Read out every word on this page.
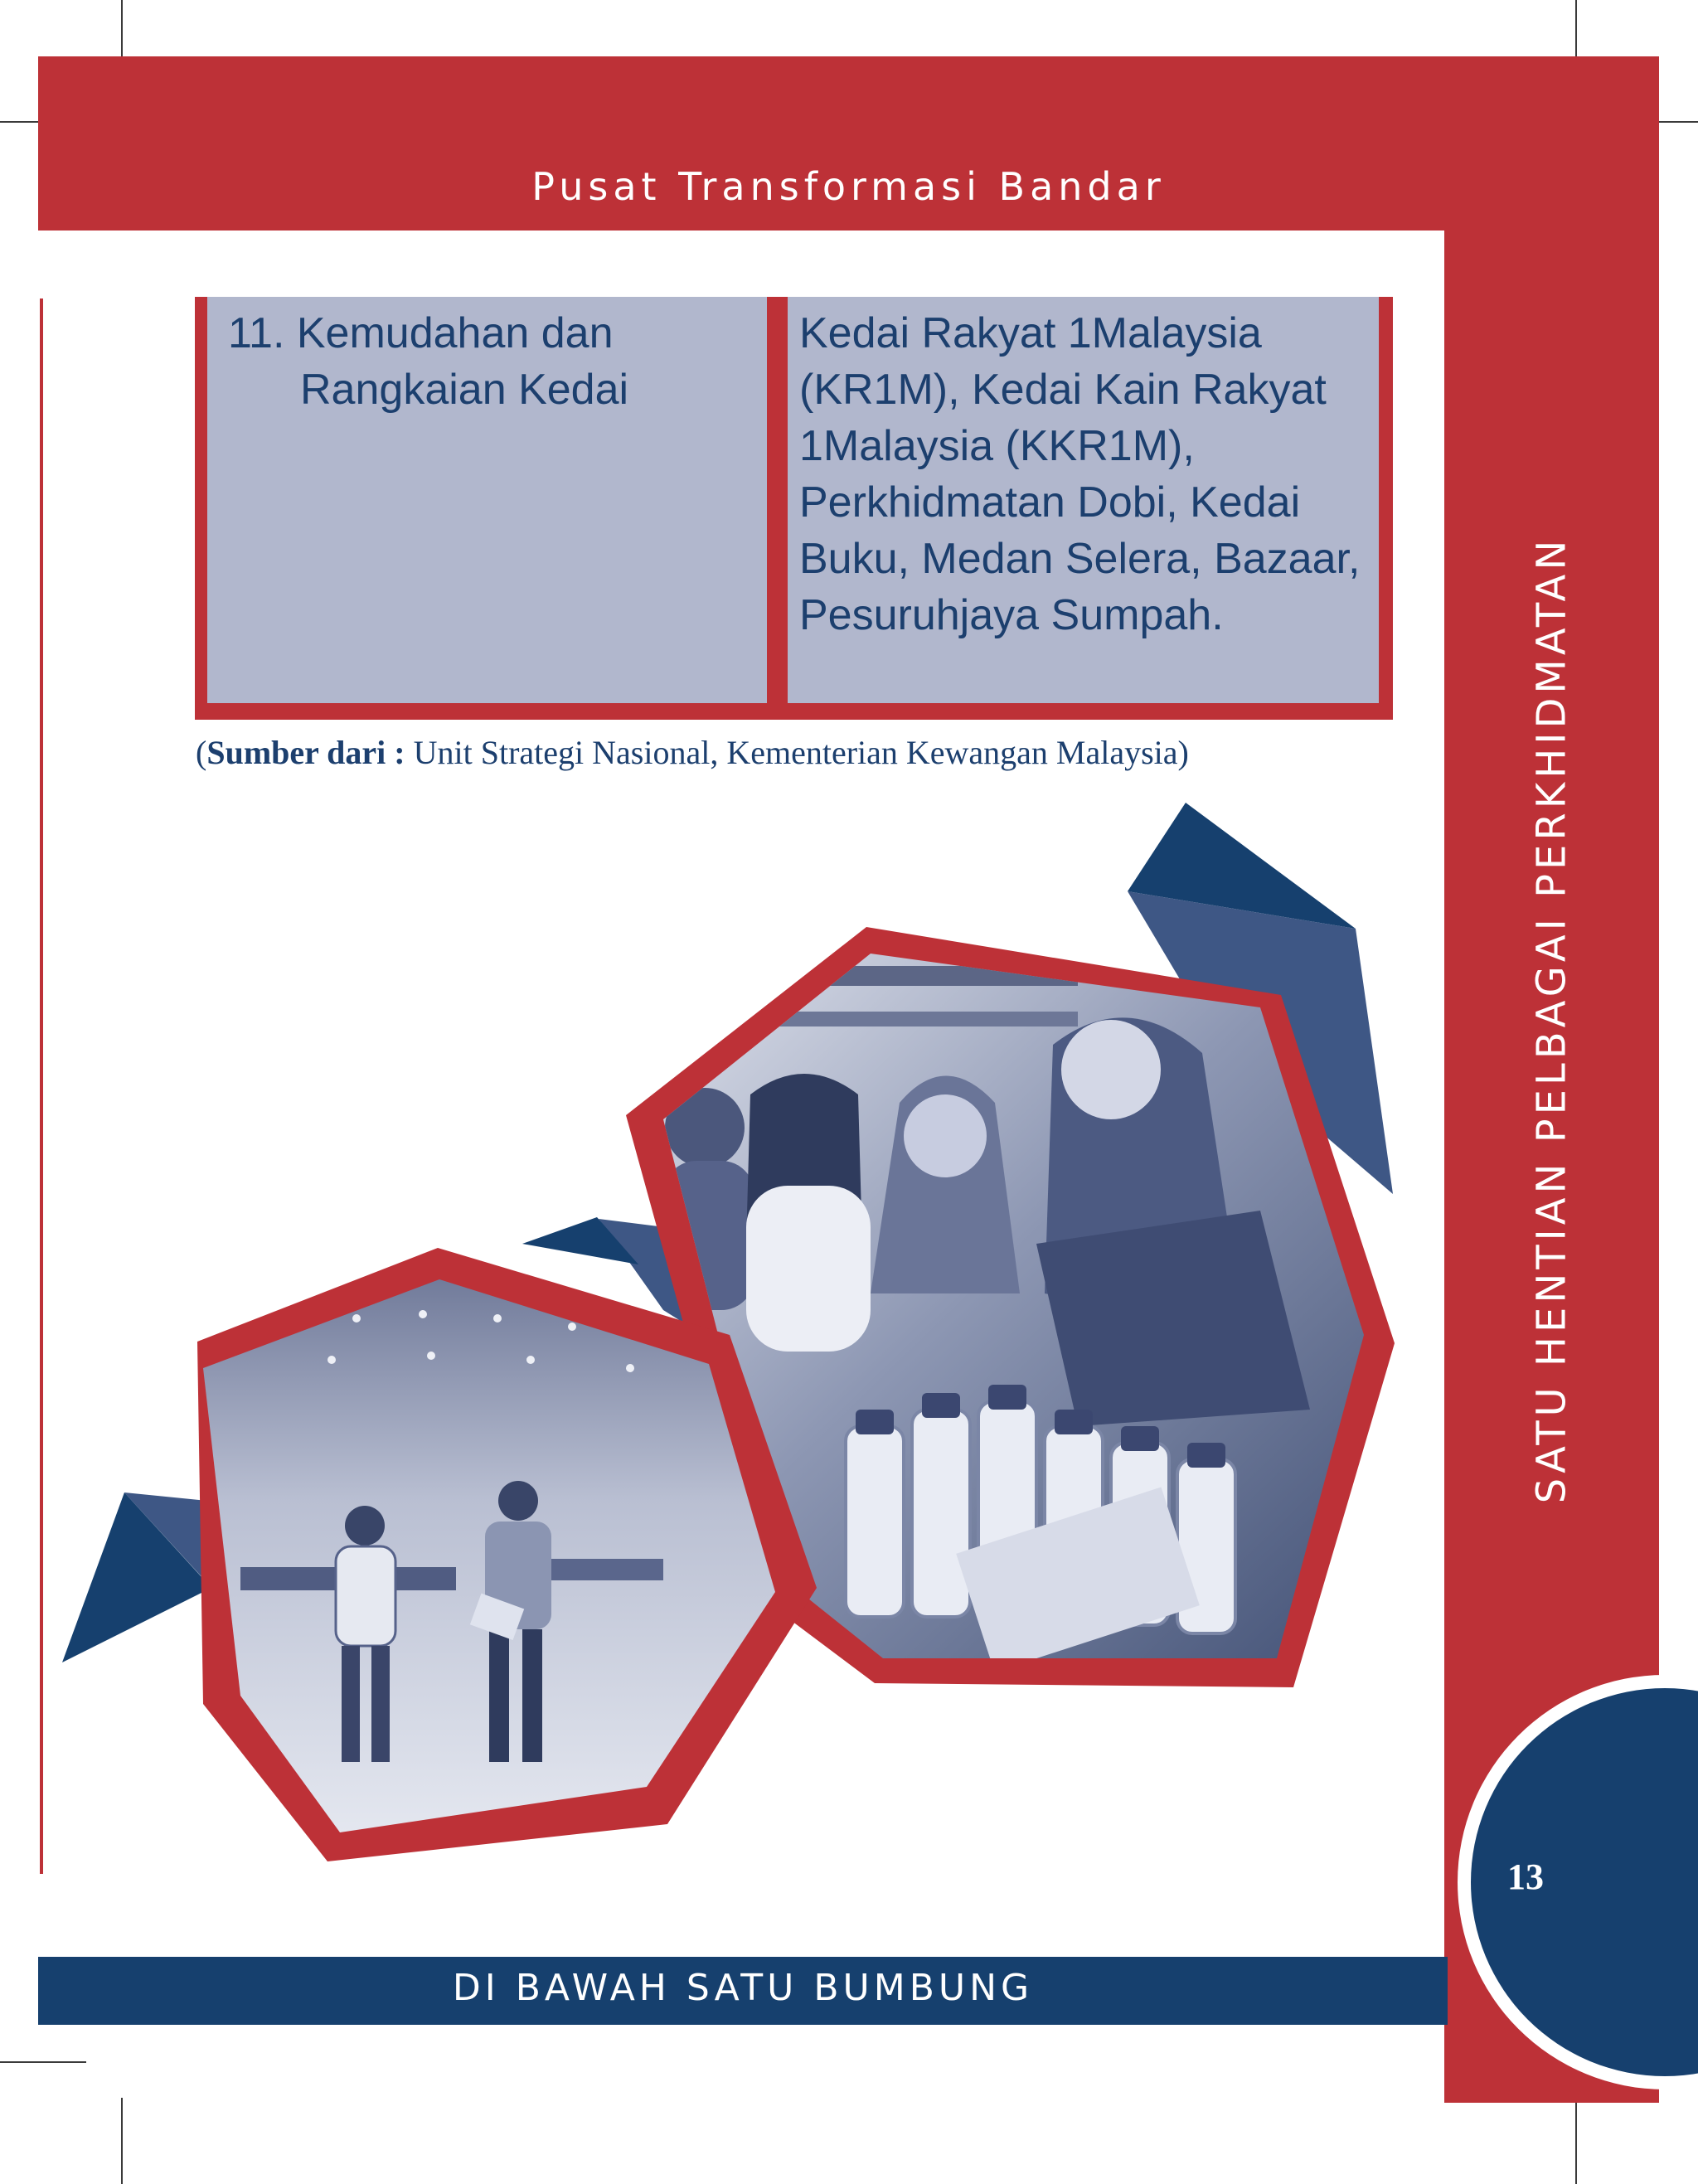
Pusat Transformasi Bandar
SATU HENTIAN PELBAGAI PERKHIDMATAN
11. Kemudahan dan
Rangkaian Kedai
Kedai Rakyat 1Malaysia (KR1M), Kedai Kain Rakyat 1Malaysia (KKR1M), Perkhidmatan Dobi, Kedai Buku, Medan Selera, Bazaar, Pesuruhjaya Sumpah.
(Sumber dari : Unit Strategi Nasional, Kementerian Kewangan Malaysia)
13
DI BAWAH SATU BUMBUNG
